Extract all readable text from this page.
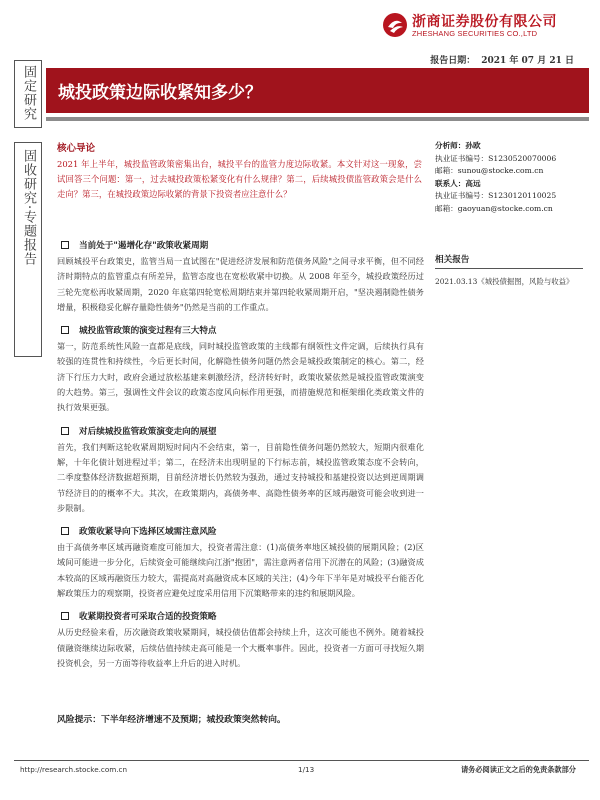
浙商证券股份有限公司
ZHESHANG SECURITIES CO.,LTD
报告日期： 2021 年 07 月 21 日
固定研究
固收研究·专题报告
城投政策边际收紧知多少？
核心导论
2021 年上半年，城投监管政策密集出台，城投平台的监管力度边际收紧。本文针对这一现象，尝试回答三个问题：第一，过去城投政策松紧变化有什么规律？第二，后续城投债监管政策会是什么走向？第三，在城投政策边际收紧的背景下投资者应注意什么？
分析师：孙欧
执业证书编号：S1230520070006
邮箱：sunou@stocke.com.cn
联系人：高远
执业证书编号：S1230120110025
邮箱：gaoyuan@stocke.com.cn
相关报告
2021.03.13《城投债掘图，风险与收益》
当前处于"遏增化存"政策收紧周期

回顾城投平台政策史，监管当局一直试图在"促进经济发展和防范债务风险"之间寻求平衡，但不同经济时期特点的监管重点有所差异，监管态度也在宽松收紧中切换。从 2008 年至今，城投政策经历过三轮先宽松再收紧周期，2020 年底第四轮宽松周期结束并第四轮收紧周期开启，"坚决遏制隐性债务增量，积极稳妥化解存量隐性债务"仍然是当前的工作重点。

城投监管政策的演变过程有三大特点

第一，防范系统性风险一直都是底线，同时城投监管政策的主线都有纲领性文件定调，后续执行具有较强的连贯性和持续性，今后更长时间，化解隐性债务问题仍然会是城投政策制定的核心。第二，经济下行压力大时，政府会通过放松基建来刺激经济，经济转好时，政策收紧依然是城投监管政策演变的大趋势。第三，强调性文件会议的政策态度风向标作用更强，而措施规范和框架细化类政策文件的执行效果更强。

对后续城投监管政策演变走向的展望

首先，我们判断这轮收紧周期短时间内不会结束，第一，目前隐性债务问题仍然较大，短期内很难化解，十年化债计划进程过半；第二，在经济未出现明显的下行标志前，城投监管政策态度不会转向，二季度整体经济数据超预期，目前经济增长仍然较为强劲，通过支持城投和基建投资以达到逆周期调节经济目的的概率不大。其次，在政策期内，高债务率、高隐性债务率的区域再融资可能会收到进一步限制。

政策收紧导向下选择区域需注意风险

由于高债务率区域再融资难度可能加大，投资者需注意：(1)高债务率地区城投债的展期风险；(2)区域间可能进一步分化，后续资金可能继续向江浙"抱团"，需注意两者信用下沉潜在的风险；(3)融资成本较高的区域再融资压力较大，需提高对高融资成本区域的关注；(4)今年下半年是对城投平台能否化解政策压力的观察期，投资者应避免过度采用信用下沉策略带来的违约和展期风险。

收紧期投资者可采取合适的投资策略

从历史经验来看，历次融资政策收紧期间，城投债估值都会持续上升，这次可能也不例外。随着城投债融资继续边际收紧，后续估值持续走高可能是一个大概率事件。因此，投资者一方面可寻找短久期投资机会，另一方面等待收益率上升后的进入时机。

风险提示：下半年经济增速不及预期；城投政策突然转向。
http://research.stocke.com.cn	1/13	请务必阅读正文之后的免责条款部分
